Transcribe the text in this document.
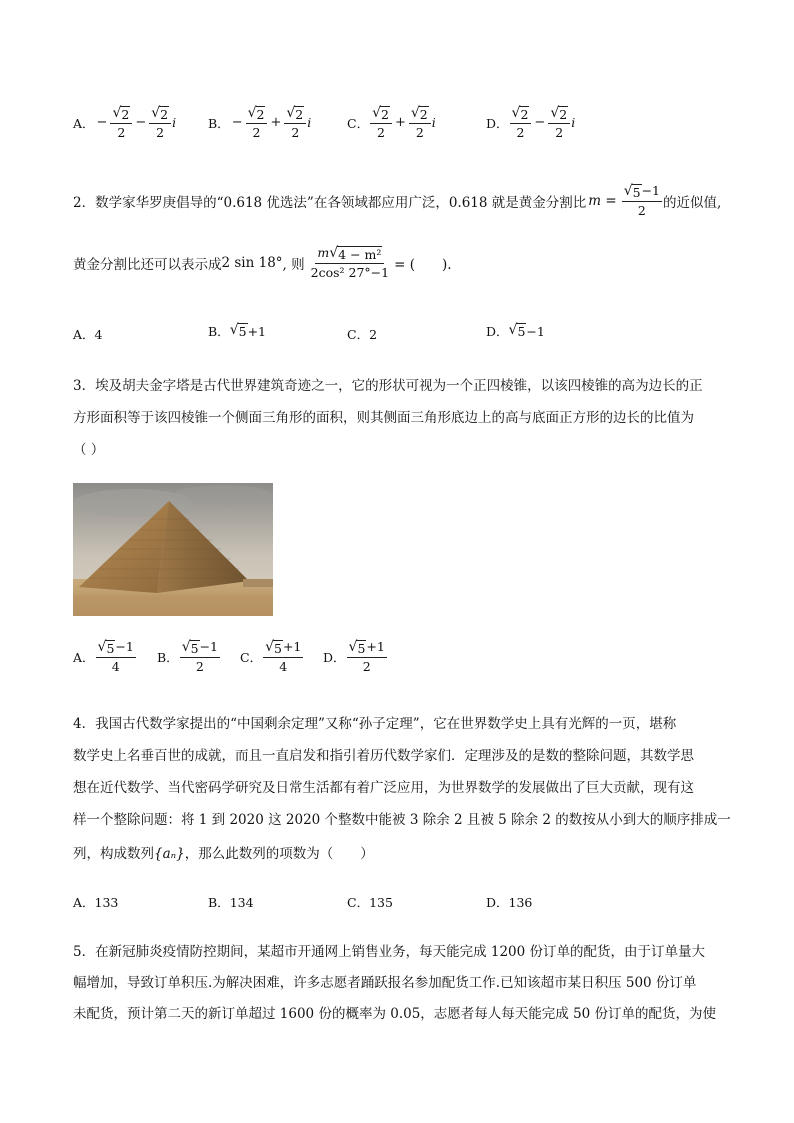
A． − $\frac{√ 2}{2} - \frac{√ 2}{2}$ i	B． − $\frac{√ 2}{2} + \frac{√ 2}{2}$ i	C． $\frac{√ 2}{2} + \frac{√ 2}{2}$ i	D． $\frac{√ 2}{2} - \frac{√ 2}{2}$ i
2．数学家华罗庚倡导的“0.618 优选法”在各领域都应用广泛，0.618 就是黄金分割比 $m = \frac{√ 5 -1}{2}$ 的近似值,
黄金分割比还可以表示成 2 sin 18° , 则 $\frac{\text{m √ 4 − m²}}{\text{2cos² 27°−1}}$ = (　　).
A． 4	B． √ 5 +1	C． 2	D． √ 5 −1
3．埃及胡夫金字塔是古代世界建筑奇迹之一，它的形状可视为一个正四棱锥，以该四棱锥的高为边长的正
方形面积等于该四棱锥一个侧面三角形的面积，则其侧面三角形底边上的高与底面正方形的边长的比值为
（ ）
A． $\frac{√ 5 -1}{4}$ B． $\frac{√ 5 -1}{2}$ C． $\frac{√ 5 +1}{4}$ D． $\frac{√ 5 +1}{2}$
4．我国古代数学家提出的“中国剩余定理”又称“孙子定理”，它在世界数学史上具有光辉的一页，堪称
数学史上名垂百世的成就，而且一直启发和指引着历代数学家们．定理涉及的是数的整除问题，其数学思
想在近代数学、当代密码学研究及日常生活都有着广泛应用，为世界数学的发展做出了巨大贡献，现有这
样一个整除问题：将 1 到 2020 这 2020 个整数中能被 3 除余 2 且被 5 除余 2 的数按从小到大的顺序排成一
列，构成数列{aₙ}，那么此数列的项数为（　　）
A． 133	B． 134	C． 135	D． 136
5．在新冠肺炎疫情防控期间，某超市开通网上销售业务，每天能完成 1200 份订单的配货，由于订单量大
幅增加，导致订单积压.为解决困难，许多志愿者踊跃报名参加配货工作.已知该超市某日积压 500 份订单
未配货，预计第二天的新订单超过 1600 份的概率为 0.05，志愿者每人每天能完成 50 份订单的配货，为使
